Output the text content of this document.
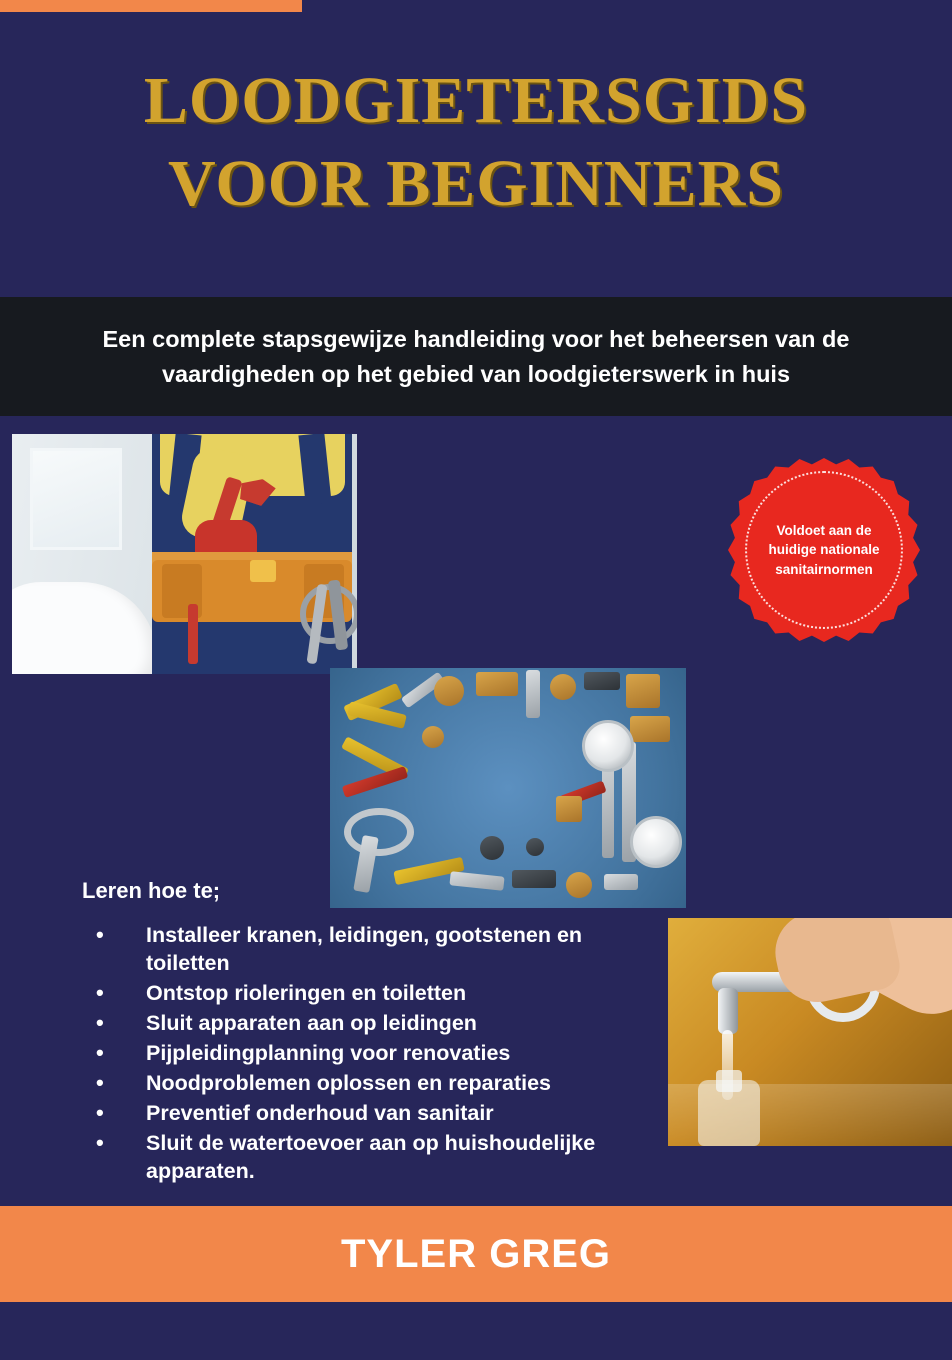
LOODGIETERSGIDS
VOOR BEGINNERS
Een complete stapsgewijze handleiding voor het beheersen van de vaardigheden op het gebied van loodgieterswerk in huis
Voldoet aan de huidige nationale sanitairnormen
Leren hoe te;
• Installeer kranen, leidingen, gootstenen en toiletten
• Ontstop rioleringen en toiletten
• Sluit apparaten aan op leidingen
• Pijpleidingplanning voor renovaties
• Noodproblemen oplossen en reparaties
• Preventief onderhoud van sanitair
• Sluit de watertoevoer aan op huishoudelijke apparaten.
TYLER GREG
